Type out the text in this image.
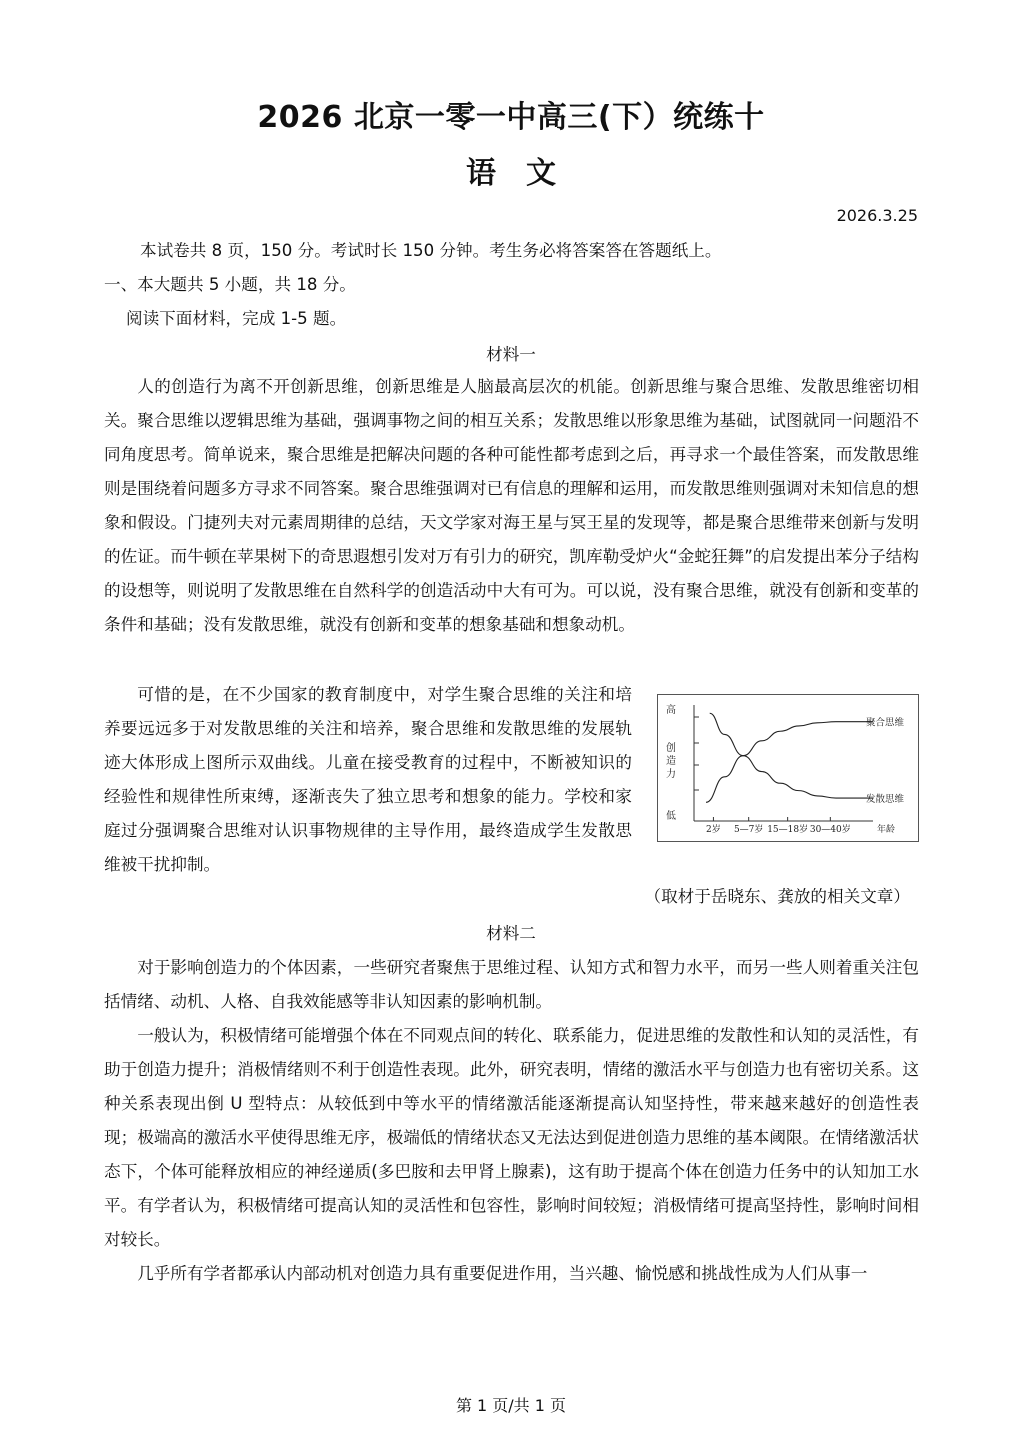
2026 北京一零一中高三(下）统练十
语文
2026.3.25

本试卷共 8 页，150 分。考试时长 150 分钟。考生务必将答案答在答题纸上。

一、本大题共 5 小题，共 18 分。

阅读下面材料，完成 1-5 题。

材料一

人的创造行为离不开创新思维，创新思维是人脑最高层次的机能。创新思维与聚合思维、发散思维密切相关。聚合思维以逻辑思维为基础，强调事物之间的相互关系；发散思维以形象思维为基础，试图就同一问题沿不同角度思考。简单说来，聚合思维是把解决问题的各种可能性都考虑到之后，再寻求一个最佳答案，而发散思维则是围绕着问题多方寻求不同答案。聚合思维强调对已有信息的理解和运用，而发散思维则强调对未知信息的想象和假设。门捷列夫对元素周期律的总结，天文学家对海王星与冥王星的发现等，都是聚合思维带来创新与发明的佐证。而牛顿在苹果树下的奇思遐想引发对万有引力的研究，凯库勒受炉火“金蛇狂舞”的启发提出苯分子结构的设想等，则说明了发散思维在自然科学的创造活动中大有可为。可以说，没有聚合思维，就没有创新和变革的条件和基础；没有发散思维，就没有创新和变革的想象基础和想象动机。

可惜的是，在不少国家的教育制度中，对学生聚合思维的关注和培养要远远多于对发散思维的关注和培养，聚合思维和发散思维的发展轨迹大体形成上图所示双曲线。儿童在接受教育的过程中，不断被知识的经验性和规律性所束缚，逐渐丧失了独立思考和想象的能力。学校和家庭过分强调聚合思维对认识事物规律的主导作用，最终造成学生发散思维被干扰抑制。

高
低
创
造
力
2岁 5—7岁 15—18岁 30—40岁	年龄
聚合思维
发散思维
（取材于岳晓东、龚放的相关文章）

材料二

对于影响创造力的个体因素，一些研究者聚焦于思维过程、认知方式和智力水平，而另一些人则着重关注包括情绪、动机、人格、自我效能感等非认知因素的影响机制。

一般认为，积极情绪可能增强个体在不同观点间的转化、联系能力，促进思维的发散性和认知的灵活性，有助于创造力提升；消极情绪则不利于创造性表现。此外，研究表明，情绪的激活水平与创造力也有密切关系。这种关系表现出倒 U 型特点：从较低到中等水平的情绪激活能逐渐提高认知坚持性，带来越来越好的创造性表现；极端高的激活水平使得思维无序，极端低的情绪状态又无法达到促进创造力思维的基本阈限。在情绪激活状态下，个体可能释放相应的神经递质(多巴胺和去甲肾上腺素)，这有助于提高个体在创造力任务中的认知加工水平。有学者认为，积极情绪可提高认知的灵活性和包容性，影响时间较短；消极情绪可提高坚持性，影响时间相对较长。

几乎所有学者都承认内部动机对创造力具有重要促进作用，当兴趣、愉悦感和挑战性成为人们从事一

第 1 页/共 1 页
